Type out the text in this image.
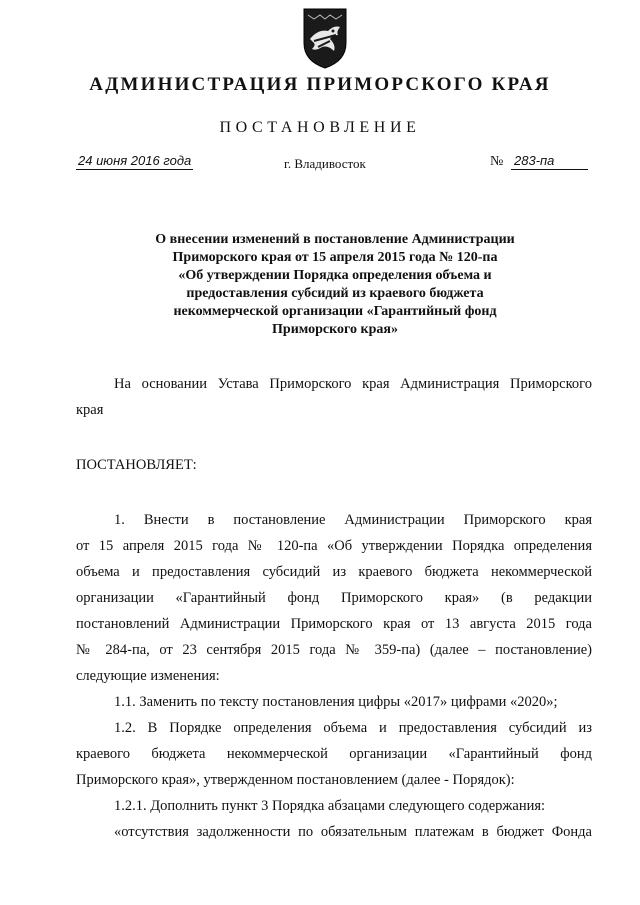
АДМИНИСТРАЦИЯ ПРИМОРСКОГО КРАЯ
ПОСТАНОВЛЕНИЕ
24 июня 2016 года	г. Владивосток	№ 283-па
О внесении изменений в постановление Администрации
Приморского края от 15 апреля 2015 года № 120-па
«Об утверждении Порядка определения объема и
предоставления субсидий из краевого бюджета
некоммерческой организации «Гарантийный фонд
Приморского края»
На основании Устава Приморского края Администрация Приморского
края
ПОСТАНОВЛЯЕТ:
1. Внести в постановление Администрации Приморского края
от 15 апреля 2015 года № 120-па «Об утверждении Порядка определения
объема и предоставления субсидий из краевого бюджета некоммерческой
организации «Гарантийный фонд Приморского края» (в редакции
постановлений Администрации Приморского края от 13 августа 2015 года
№ 284-па, от 23 сентября 2015 года № 359-па) (далее – постановление)
следующие изменения:
1.1. Заменить по тексту постановления цифры «2017» цифрами «2020»;
1.2. В Порядке определения объема и предоставления субсидий из
краевого бюджета некоммерческой организации «Гарантийный фонд
Приморского края», утвержденном постановлением (далее - Порядок):
1.2.1. Дополнить пункт 3 Порядка абзацами следующего содержания:
«отсутствия задолженности по обязательным платежам в бюджет Фонда
